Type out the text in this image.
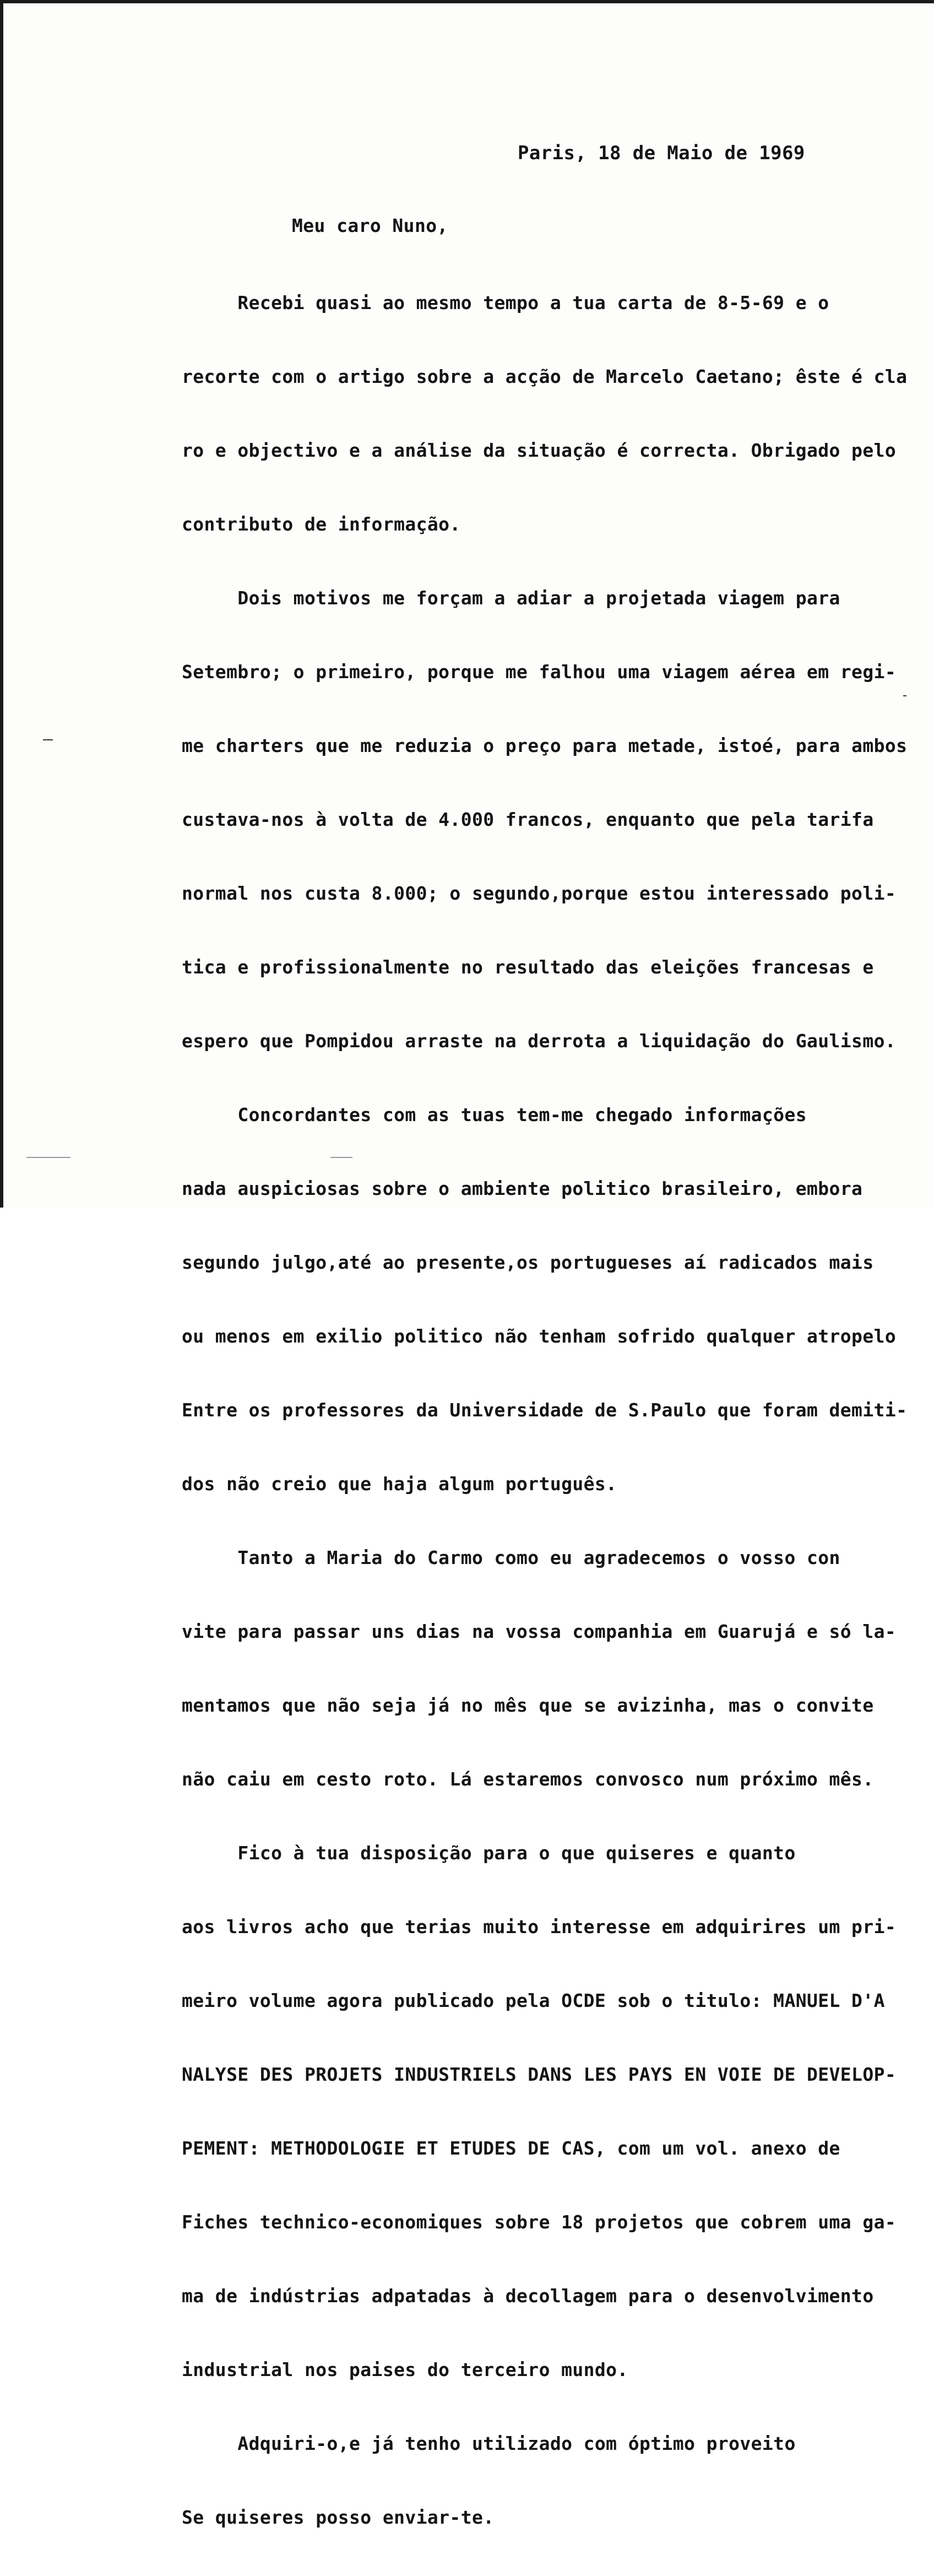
Paris, 18 de Maio de 1969
Meu caro Nuno,

Recebi quasi ao mesmo tempo a tua carta de 8-5-69 e o

recorte com o artigo sobre a acção de Marcelo Caetano; êste é cla

ro e objectivo e a análise da situação é correcta. Obrigado pelo

contributo de informação.

Dois motivos me forçam a adiar a projetada viagem para

Setembro; o primeiro, porque me falhou uma viagem aérea em regi-

me charters que me reduzia o preço para metade, istoé, para ambos

custava-nos à volta de 4.000 francos, enquanto que pela tarifa

normal nos custa 8.000; o segundo,porque estou interessado poli-

tica e profissionalmente no resultado das eleições francesas e

espero que Pompidou arraste na derrota a liquidação do Gaulismo.

Concordantes com as tuas tem-me chegado informações

nada auspiciosas sobre o ambiente politico brasileiro, embora

segundo julgo,até ao presente,os portugueses aí radicados mais

ou menos em exilio politico não tenham sofrido qualquer atropelo

Entre os professores da Universidade de S.Paulo que foram demiti-

dos não creio que haja algum português.

Tanto a Maria do Carmo como eu agradecemos o vosso con

vite para passar uns dias na vossa companhia em Guarujá e só la-

mentamos que não seja já no mês que se avizinha, mas o convite

não caiu em cesto roto. Lá estaremos convosco num próximo mês.

Fico à tua disposição para o que quiseres e quanto

aos livros acho que terias muito interesse em adquirires um pri-

meiro volume agora publicado pela OCDE sob o titulo: MANUEL D'A

NALYSE DES PROJETS INDUSTRIELS DANS LES PAYS EN VOIE DE DEVELOP-

PEMENT: METHODOLOGIE ET ETUDES DE CAS, com um vol. anexo de

Fiches technico-economiques sobre 18 projetos que cobrem uma ga-

ma de indústrias adpatadas à decollagem para o desenvolvimento

industrial nos paises do terceiro mundo.

Adquiri-o,e já tenho utilizado com óptimo proveito

Se quiseres posso enviar-te.
